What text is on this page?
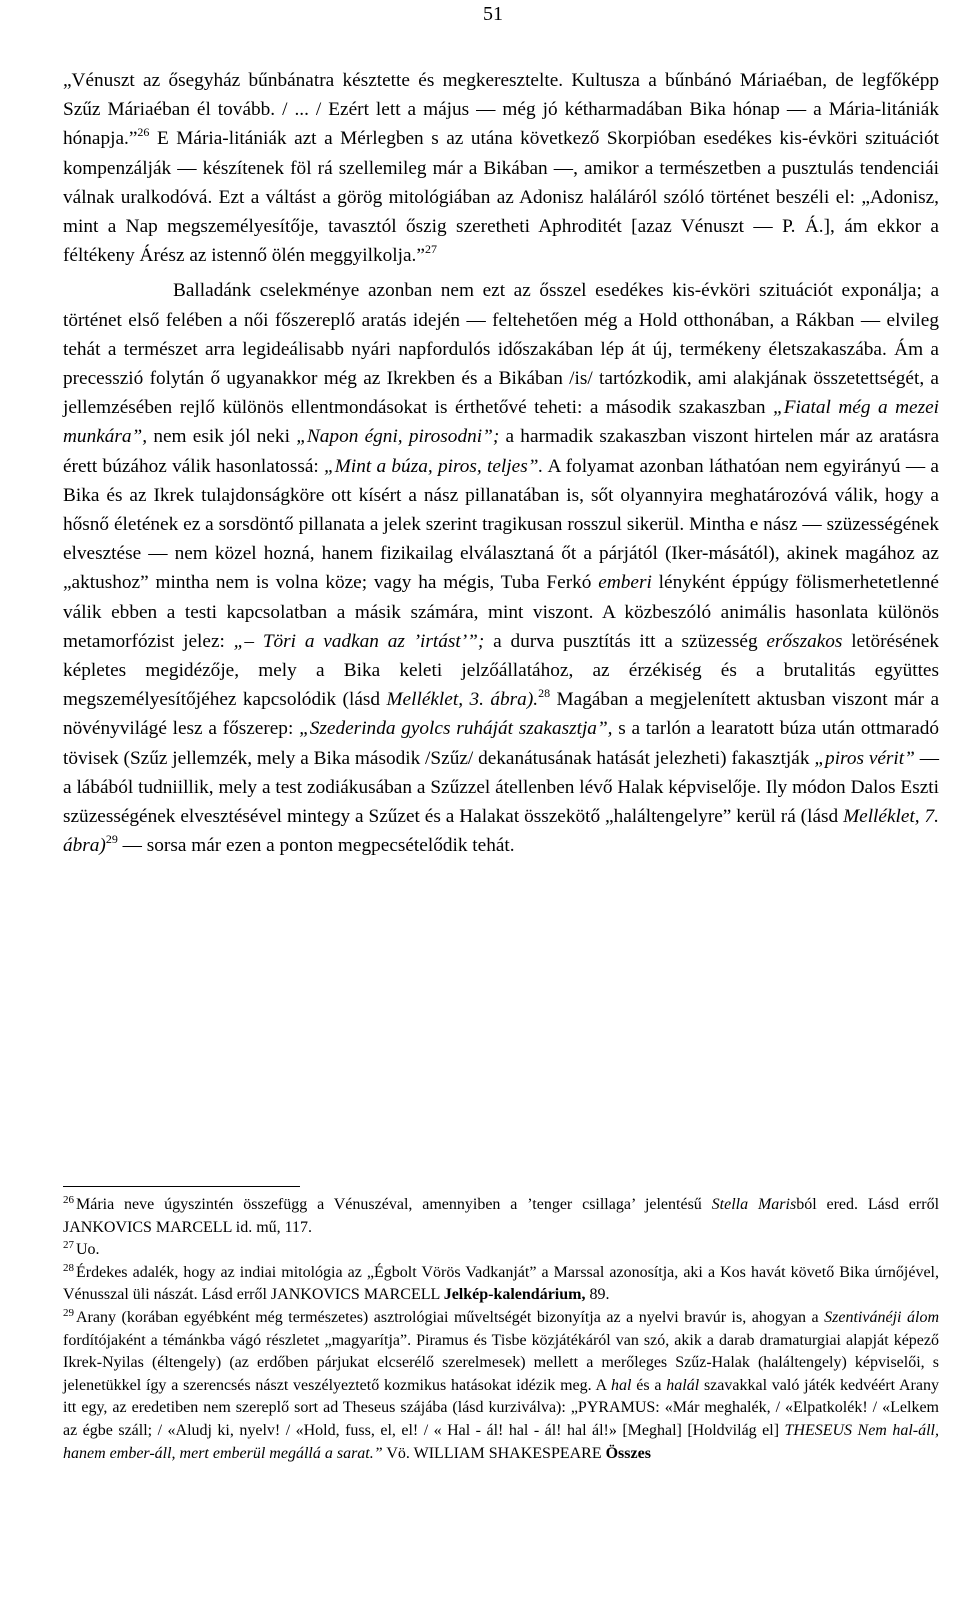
51

„Vénuszt az ősegyház bűnbánatra késztette és megkeresztelte. Kultusza a bűnbánó Máriaéban, de legfőképp Szűz Máriaéban él tovább. / ... / Ezért lett a május — még jó kétharmadában Bika hónap — a Mária-litániák hónapja.”$^{26}$ E Mária-litániák azt a Mérlegben s az utána következő Skorpióban esedékes kis-évköri szituációt kompenzálják — készítenek föl rá szellemileg már a Bikában —, amikor a természetben a pusztulás tendenciái válnak uralkodóvá. Ezt a váltást a görög mitológiában az Adonisz haláláról szóló történet beszéli el: „Adonisz, mint a Nap megszemélyesítője, tavasztól őszig szeretheti Aphroditét [azaz Vénuszt — P. Á.], ám ekkor a féltékeny Árész az istennő ölén meggyilkolja.”$^{27}$

Balladánk cselekménye azonban nem ezt az ősszel esedékes kis-évköri szituációt exponálja; a történet első felében a női főszereplő aratás idején — feltehetően még a Hold otthonában, a Rákban — elvileg tehát a természet arra legideálisabb nyári napfordulós időszakában lép át új, termékeny életszakaszába. Ám a precesszió folytán ő ugyanakkor még az Ikrekben és a Bikában /is/ tartózkodik, ami alakjának összetettségét, a jellemzésében rejlő különös ellentmondásokat is érthetővé teheti: a második szakaszban „Fiatal még a mezei munkára”, nem esik jól neki „Napon égni, pirosodni”; a harmadik szakaszban viszont hirtelen már az aratásra érett búzához válik hasonlatossá: „Mint a búza, piros, teljes”. A folyamat azonban láthatóan nem egyirányú — a Bika és az Ikrek tulajdonságköre ott kísért a nász pillanatában is, sőt olyannyira meghatározóvá válik, hogy a hősnő életének ez a sorsdöntő pillanata a jelek szerint tragikusan rosszul sikerül. Mintha e nász — szüzességének elvesztése — nem közel hozná, hanem fizikailag elválasztaná őt a párjától (Iker-másától), akinek magához az „aktushoz” mintha nem is volna köze; vagy ha mégis, Tuba Ferkó emberi lényként éppúgy fölismerhetetlenné válik ebben a testi kapcsolatban a másik számára, mint viszont. A közbeszóló animális hasonlata különös metamorfózist jelez: „– Töri a vadkan az ’irtást’”; a durva pusztítás itt a szüzesség erőszakos letörésének képletes megidézője, mely a Bika keleti jelzőállatához, az érzékiség és a brutalitás együttes megszemélyesítőjéhez kapcsolódik (lásd Melléklet, 3. ábra).$^{28}$ Magában a megjelenített aktusban viszont már a növényvilágé lesz a főszerep: „Szederinda gyolcs ruháját szakasztja”, s a tarlón a learatott búza után ottmaradó tövisek (Szűz jellemzék, mely a Bika második /Szűz/ dekanátusának hatását jelezheti) fakasztják „piros vérit” — a lábából tudniillik, mely a test zodiákusában a Szűzzel átellenben lévő Halak képviselője. Ily módon Dalos Eszti szüzességének elvesztésével mintegy a Szűzet és a Halakat összekötő „haláltengelyre” kerül rá (lásd Melléklet, 7. ábra)$^{29}$ — sorsa már ezen a ponton megpecsételődik tehát.

$^{26}$ Mária neve úgyszintén összefügg a Vénuszéval, amennyiben a ’tenger csillaga’ jelentésű Stella Marisból ered. Lásd erről JANKOVICS MARCELL id. mű, 117.

$^{27}$ Uo.

$^{28}$ Érdekes adalék, hogy az indiai mitológia az „Égbolt Vörös Vadkanját” a Marssal azonosítja, aki a Kos havát követő Bika úrnőjével, Vénusszal üli nászát. Lásd erről JANKOVICS MARCELL Jelkép-kalendárium, 89.

$^{29}$ Arany (korában egyébként még természetes) asztrológiai műveltségét bizonyítja az a nyelvi bravúr is, ahogyan a Szentivánéji álom fordítójaként a témánkba vágó részletet „magyarítja”. Piramus és Tisbe közjátékáról van szó, akik a darab dramaturgiai alapját képező Ikrek-Nyilas (éltengely) (az erdőben párjukat elcserélő szerelmesek) mellett a merőleges Szűz-Halak (haláltengely) képviselői, s jelenetükkel így a szerencsés nászt veszélyeztető kozmikus hatásokat idézik meg. A hal és a halál szavakkal való játék kedvéért Arany itt egy, az eredetiben nem szereplő sort ad Theseus szájába (lásd kurziválva): „PYRAMUS: «Már meghalék, / «Elpatkolék! / «Lelkem az égbe száll; / «Aludj ki, nyelv! / «Hold, fuss, el, el! / « Hal - ál! hal - ál! hal ál!» [Meghal] [Holdvilág el] THESEUS Nem hal-áll, hanem ember-áll, mert emberül megállá a sarat.” Vö. WILLIAM SHAKESPEARE Összes
